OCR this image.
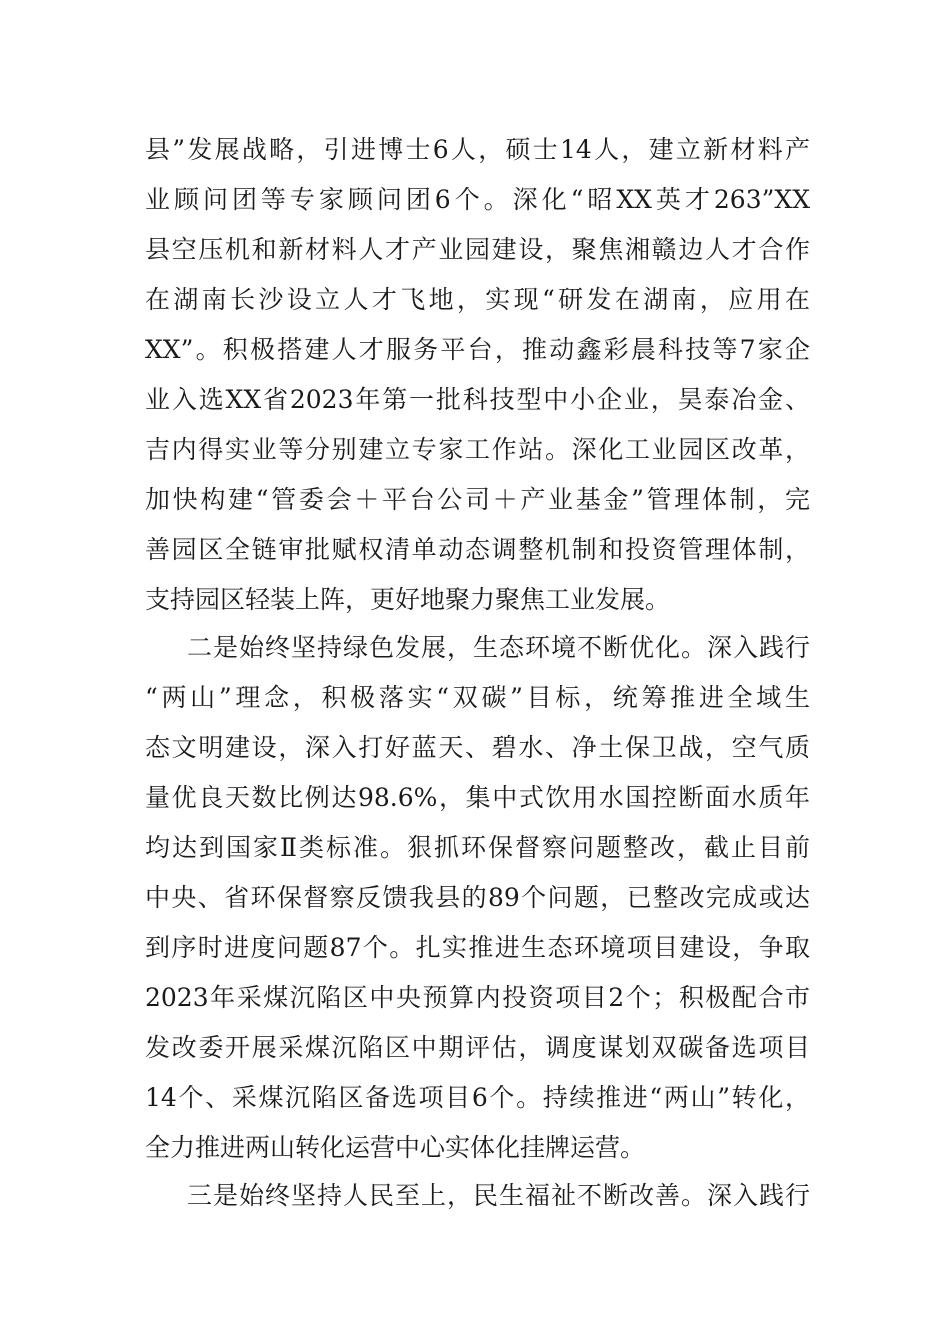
县”发展战略，引进博士6人，硕士14人，建立新材料产
业顾问团等专家顾问团6个。深化“昭XX英才263”XX
县空压机和新材料人才产业园建设，聚焦湘赣边人才合作
在湖南长沙设立人才飞地，实现“研发在湖南，应用在
XX”。积极搭建人才服务平台，推动鑫彩晨科技等7家企
业入选XX省2023年第一批科技型中小企业，昊泰冶金、
吉内得实业等分别建立专家工作站。深化工业园区改革，
加快构建“管委会＋平台公司＋产业基金”管理体制，完
善园区全链审批赋权清单动态调整机制和投资管理体制，
支持园区轻装上阵，更好地聚力聚焦工业发展。
二是始终坚持绿色发展，生态环境不断优化。深入践行
“两山”理念，积极落实“双碳”目标，统筹推进全域生
态文明建设，深入打好蓝天、碧水、净土保卫战，空气质
量优良天数比例达98.6%，集中式饮用水国控断面水质年
均达到国家Ⅱ类标准。狠抓环保督察问题整改，截止目前
中央、省环保督察反馈我县的89个问题，已整改完成或达
到序时进度问题87个。扎实推进生态环境项目建设，争取
2023年采煤沉陷区中央预算内投资项目2个；积极配合市
发改委开展采煤沉陷区中期评估，调度谋划双碳备选项目
14个、采煤沉陷区备选项目6个。持续推进“两山”转化，
全力推进两山转化运营中心实体化挂牌运营。
三是始终坚持人民至上，民生福祉不断改善。深入践行
